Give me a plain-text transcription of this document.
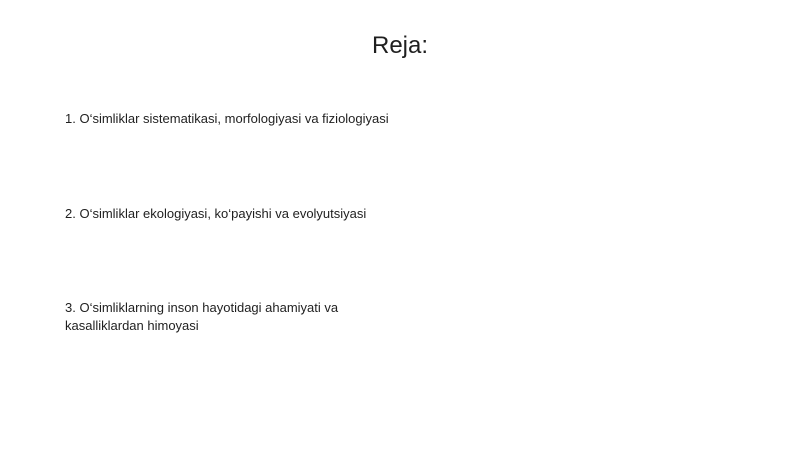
Reja:
1. O‘simliklar sistematikasi, morfologiyasi va fiziologiyasi
2. O‘simliklar ekologiyasi, ko‘payishi va evolyutsiyasi
3. O‘simliklarning inson hayotidagi ahamiyati va kasalliklardan himoyasi
